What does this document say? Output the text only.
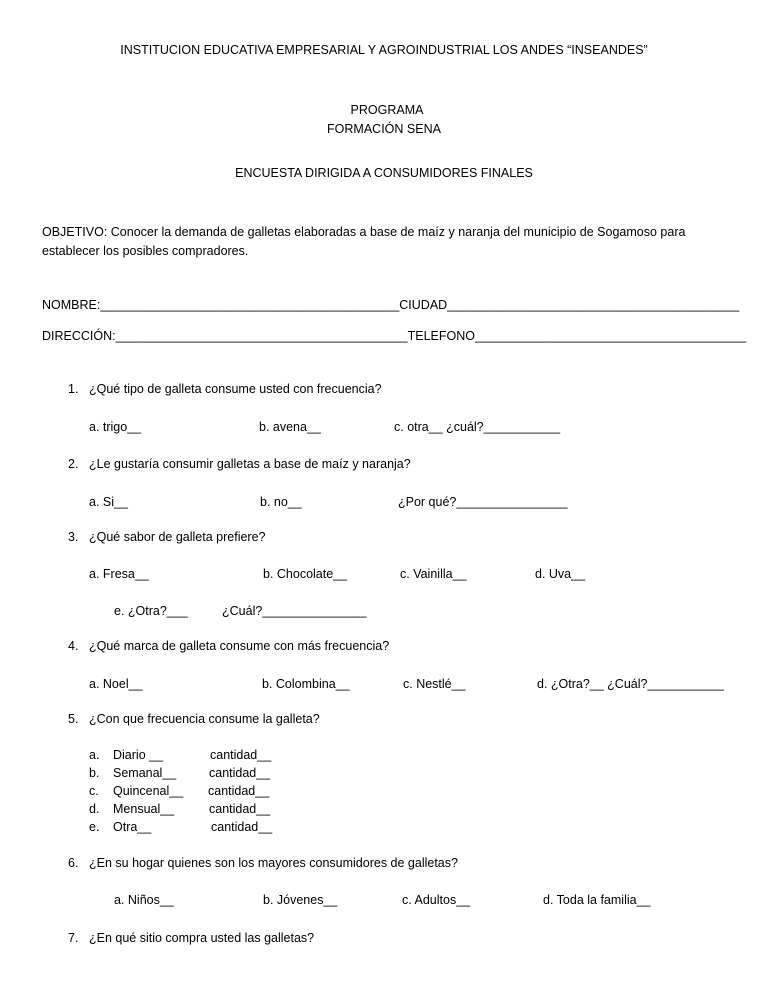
INSTITUCION EDUCATIVA EMPRESARIAL Y AGROINDUSTRIAL LOS ANDES “INSEANDES”
PROGRAMA
FORMACIÓN SENA
ENCUESTA DIRIGIDA A CONSUMIDORES FINALES
OBJETIVO: Conocer la demanda de galletas elaboradas a base de maíz y naranja del municipio de Sogamoso para
establecer los posibles compradores.
NOMBRE:___________________________________________CIUDAD__________________________________________
DIRECCIÓN:__________________________________________TELEFONO_______________________________________
1. ¿Qué tipo de galleta consume usted con frecuencia?
a. trigo__	b. avena__	c. otra__ ¿cuál?___________
2. ¿Le gustaría consumir galletas a base de maíz y naranja?
a. Si__	b. no__	¿Por qué?________________
3. ¿Qué sabor de galleta prefiere?
a. Fresa__	b. Chocolate__	c. Vainilla__	d. Uva__
e. ¿Otra?___	¿Cuál?_______________
4. ¿Qué marca de galleta consume con más frecuencia?
a. Noel__	b. Colombina__	c. Nestlé__	d. ¿Otra?__ ¿Cuál?___________
5. ¿Con que frecuencia consume la galleta?
a. Diario __	cantidad__
b. Semanal__	cantidad__
c. Quincenal__ cantidad__
d. Mensual__	cantidad__
e. Otra__	cantidad__
6. ¿En su hogar quienes son los mayores consumidores de galletas?
a. Niños__	b. Jóvenes__	c. Adultos__	d. Toda la familia__
7. ¿En qué sitio compra usted las galletas?
